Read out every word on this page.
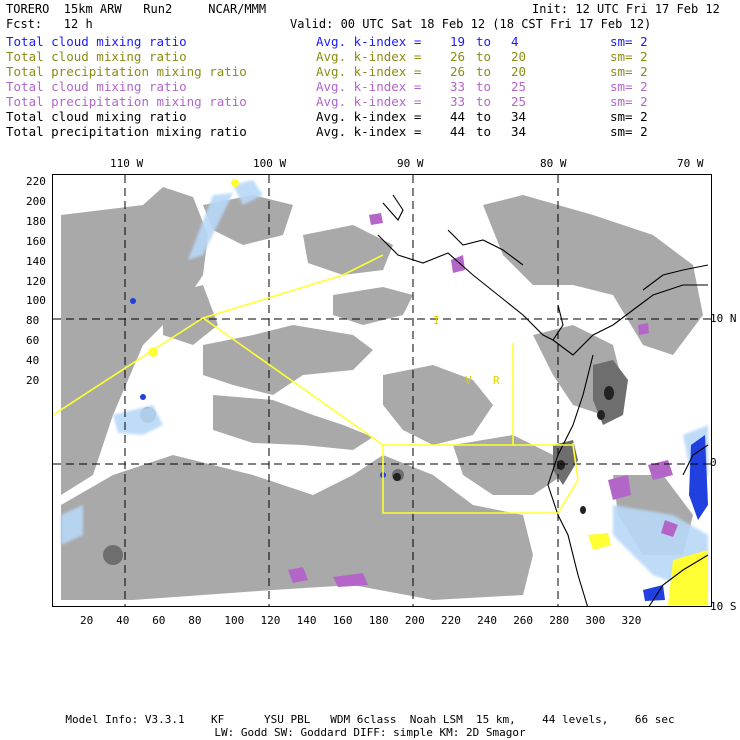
TORERO  15km ARW   Run2     NCAR/MMM	Init: 12 UTC Fri 17 Feb 12
Fcst:   12 h	Valid: 00 UTC Sat 18 Feb 12 (18 CST Fri 17 Feb 12)
Total cloud mixing ratio	Avg. k-index = 19 to 4	sm= 2
Total cloud mixing ratio	Avg. k-index = 26 to 20	sm= 2
Total precipitation mixing ratio	Avg. k-index = 26 to 20	sm= 2
Total cloud mixing ratio	Avg. k-index = 33 to 25	sm= 2
Total precipitation mixing ratio	Avg. k-index = 33 to 25	sm= 2
Total cloud mixing ratio	Avg. k-index = 44 to 34	sm= 2
Total precipitation mixing ratio	Avg. k-index = 44 to 34	sm= 2
I
V R
110 W	100 W	90 W	80 W	70 W
10 N
0
10 S
220
200
180
160
140
120
100
80
60
40
20
20 40 60 80 100 120 140 160 180 200 220 240 260 280 300 320
Model Info: V3.3.1    KF      YSU PBL   WDM 6class  Noah LSM  15 km,    44 levels,    66 sec
LW: Godd SW: Goddard DIFF: simple KM: 2D Smagor
